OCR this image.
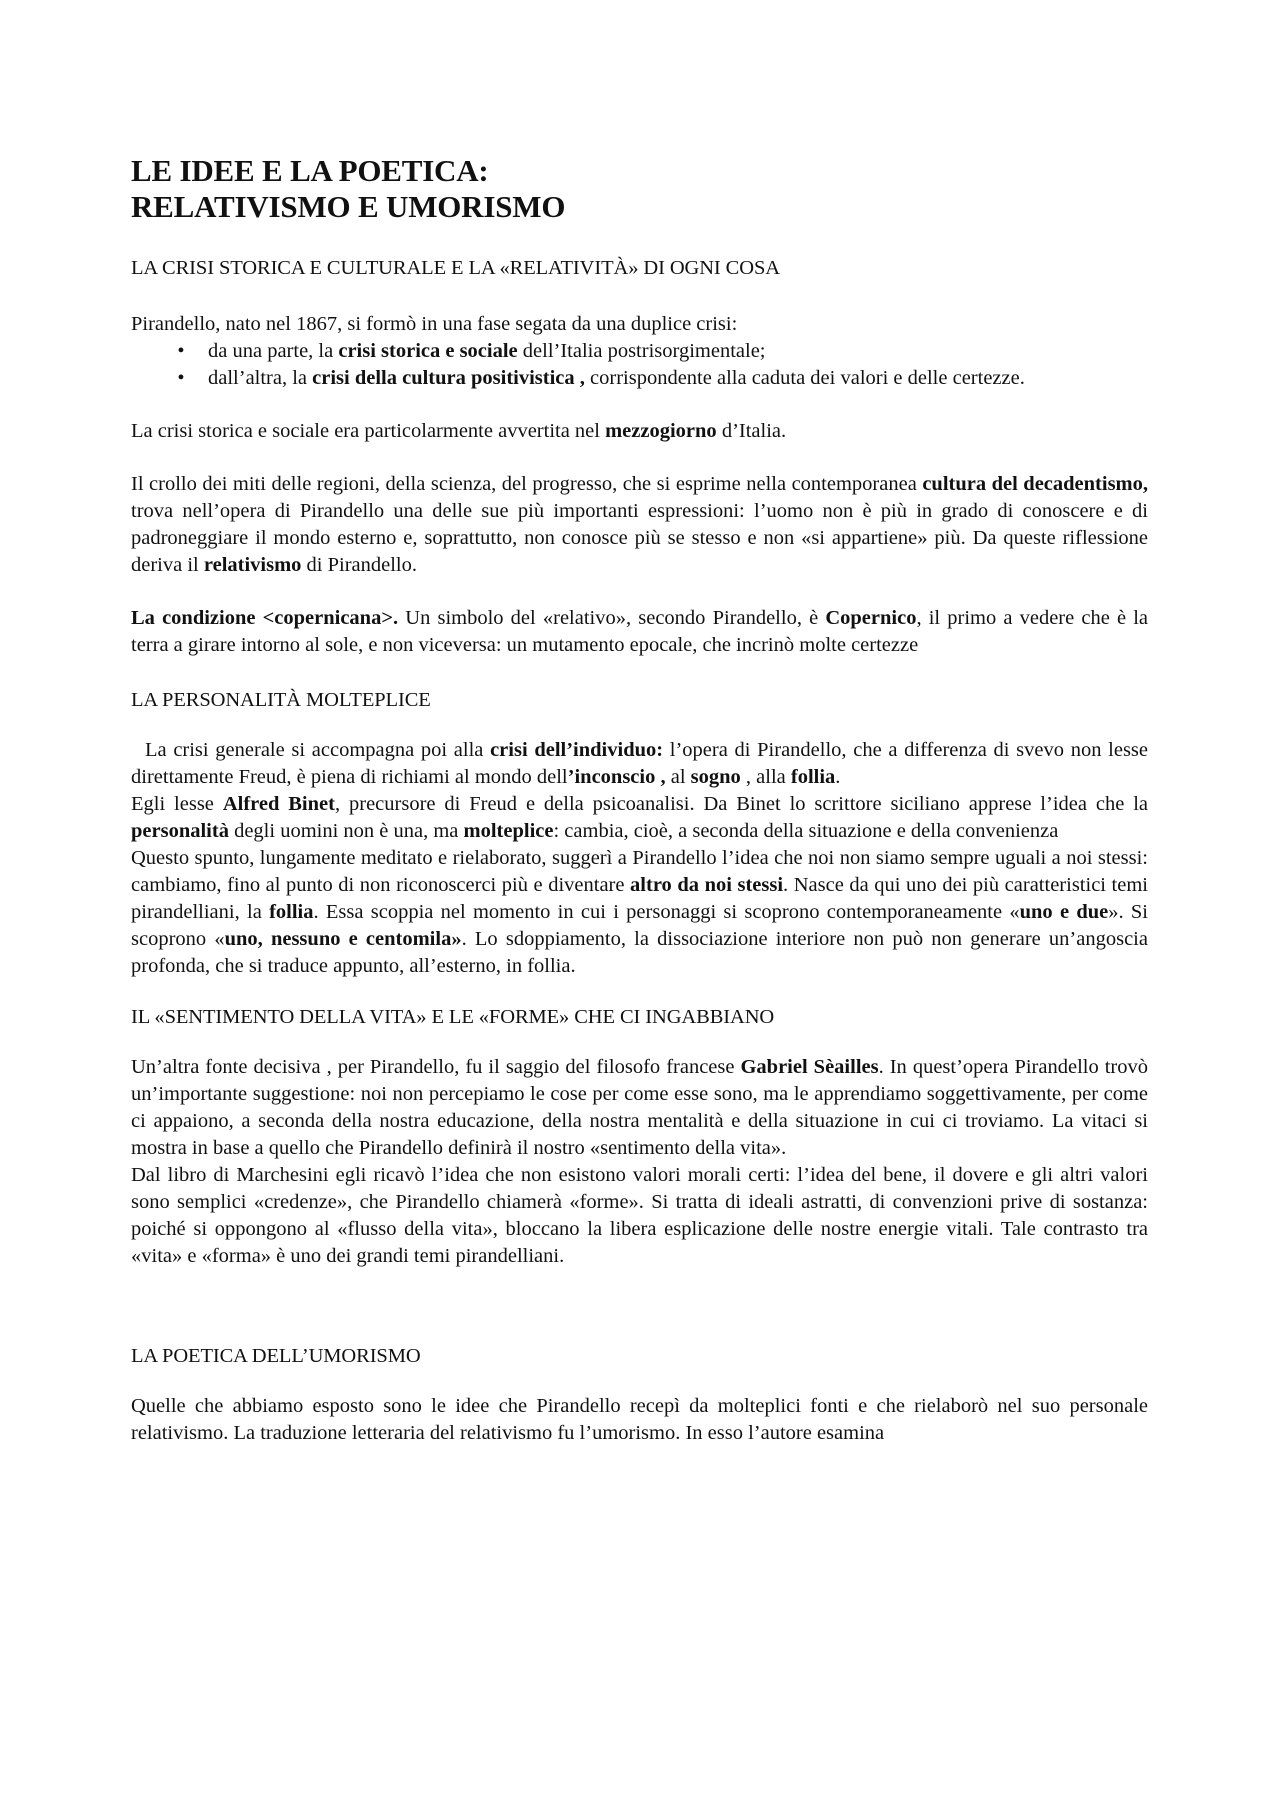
LE IDEE E LA POETICA:
RELATIVISMO E UMORISMO
LA CRISI STORICA E CULTURALE E LA «RELATIVITÀ» DI OGNI COSA

Pirandello, nato nel 1867, si formò in una fase segata da una duplice crisi:

•	da una parte, la crisi storica e sociale dell’Italia postrisorgimentale;
•	dall’altra, la crisi della cultura positivistica , corrispondente alla caduta dei valori e delle certezze.

La crisi storica e sociale era particolarmente avvertita nel mezzogiorno d’Italia.

Il crollo dei miti delle regioni, della scienza, del progresso, che si esprime nella contemporanea cultura del decadentismo, trova nell’opera di Pirandello una delle sue più importanti espressioni: l’uomo non è più in grado di conoscere e di padroneggiare il mondo esterno e, soprattutto, non conosce più se stesso e non «si appartiene» più. Da queste riflessione deriva il relativismo di Pirandello.

La condizione <copernicana>. Un simbolo del «relativo», secondo Pirandello, è Copernico, il primo a vedere che è la terra a girare intorno al sole, e non viceversa: un mutamento epocale, che incrinò molte certezze

LA PERSONALITÀ MOLTEPLICE

La crisi generale si accompagna poi alla crisi dell’individuo: l’opera di Pirandello, che a differenza di svevo non lesse direttamente Freud, è piena di richiami al mondo dell’inconscio , al sogno , alla follia.

Egli lesse Alfred Binet, precursore di Freud e della psicoanalisi. Da Binet lo scrittore siciliano apprese l’idea che la personalità degli uomini non è una, ma molteplice: cambia, cioè, a seconda della situazione e della convenienza

Questo spunto, lungamente meditato e rielaborato, suggerì a Pirandello l’idea che noi non siamo sempre uguali a noi stessi: cambiamo, fino al punto di non riconoscerci più e diventare altro da noi stessi. Nasce da qui uno dei più caratteristici temi pirandelliani, la follia. Essa scoppia nel momento in cui i personaggi si scoprono contemporaneamente «uno e due». Si scoprono «uno, nessuno e centomila». Lo sdoppiamento, la dissociazione interiore non può non generare un’angoscia profonda, che si traduce appunto, all’esterno, in follia.

IL «SENTIMENTO DELLA VITA» E LE «FORME» CHE CI INGABBIANO

Un’altra fonte decisiva , per Pirandello, fu il saggio del filosofo francese Gabriel Sèailles. In quest’opera Pirandello trovò un’importante suggestione: noi non percepiamo le cose per come esse sono, ma le apprendiamo soggettivamente, per come ci appaiono, a seconda della nostra educazione, della nostra mentalità e della situazione in cui ci troviamo. La vitaci si mostra in base a quello che Pirandello definirà il nostro «sentimento della vita».

Dal libro di Marchesini egli ricavò l’idea che non esistono valori morali certi: l’idea del bene, il dovere e gli altri valori sono semplici «credenze», che Pirandello chiamerà «forme». Si tratta di ideali astratti, di convenzioni prive di sostanza: poiché si oppongono al «flusso della vita», bloccano la libera esplicazione delle nostre energie vitali. Tale contrasto tra «vita» e «forma» è uno dei grandi temi pirandelliani.

LA POETICA DELL’UMORISMO

Quelle che abbiamo esposto sono le idee che Pirandello recepì da molteplici fonti e che rielaborò nel suo personale relativismo. La traduzione letteraria del relativismo fu l’umorismo. In esso l’autore esamina
